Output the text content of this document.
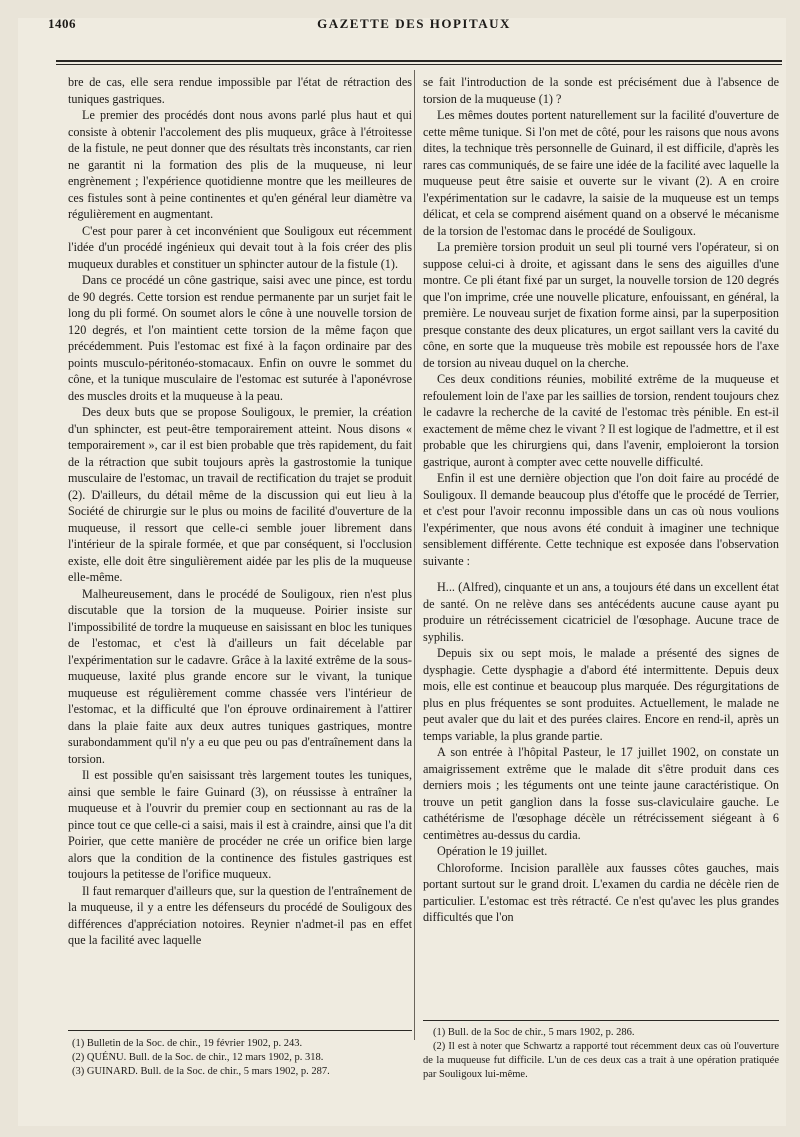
1406	GAZETTE DES HOPITAUX

bre de cas, elle sera rendue impossible par l'état de rétraction des tuniques gastriques.

Le premier des procédés dont nous avons parlé plus haut et qui consiste à obtenir l'accolement des plis muqueux, grâce à l'étroitesse de la fistule, ne peut donner que des résultats très inconstants, car rien ne garantit ni la formation des plis de la muqueuse, ni leur engrènement ; l'expérience quotidienne montre que les meilleures de ces fistules sont à peine continentes et qu'en général leur diamètre va régulièrement en augmentant.

C'est pour parer à cet inconvénient que Souligoux eut récemment l'idée d'un procédé ingénieux qui devait tout à la fois créer des plis muqueux durables et constituer un sphincter autour de la fistule (1).

Dans ce procédé un cône gastrique, saisi avec une pince, est tordu de 90 degrés. Cette torsion est rendue permanente par un surjet fait le long du pli formé. On soumet alors le cône à une nouvelle torsion de 120 degrés, et l'on maintient cette torsion de la même façon que précédemment. Puis l'estomac est fixé à la façon ordinaire par des points musculo-péritonéo-stomacaux. Enfin on ouvre le sommet du cône, et la tunique musculaire de l'estomac est suturée à l'aponévrose des muscles droits et la muqueuse à la peau.

Des deux buts que se propose Souligoux, le premier, la création d'un sphincter, est peut-être temporairement atteint. Nous disons « temporairement », car il est bien probable que très rapidement, du fait de la rétraction que subit toujours après la gastrostomie la tunique musculaire de l'estomac, un travail de rectification du trajet se produit (2). D'ailleurs, du détail même de la discussion qui eut lieu à la Société de chirurgie sur le plus ou moins de facilité d'ouverture de la muqueuse, il ressort que celle-ci semble jouer librement dans l'intérieur de la spirale formée, et que par conséquent, si l'occlusion existe, elle doit être singulièrement aidée par les plis de la muqueuse elle-même.

Malheureusement, dans le procédé de Souligoux, rien n'est plus discutable que la torsion de la muqueuse. Poirier insiste sur l'impossibilité de tordre la muqueuse en saisissant en bloc les tuniques de l'estomac, et c'est là d'ailleurs un fait décelable par l'expérimentation sur le cadavre. Grâce à la laxité extrême de la sous-muqueuse, laxité plus grande encore sur le vivant, la tunique muqueuse est régulièrement comme chassée vers l'intérieur de l'estomac, et la difficulté que l'on éprouve ordinairement à l'attirer dans la plaie faite aux deux autres tuniques gastriques, montre surabondamment qu'il n'y a eu que peu ou pas d'entraînement dans la torsion.

Il est possible qu'en saisissant très largement toutes les tuniques, ainsi que semble le faire Guinard (3), on réussisse à entraîner la muqueuse et à l'ouvrir du premier coup en sectionnant au ras de la pince tout ce que celle-ci a saisi, mais il est à craindre, ainsi que l'a dit Poirier, que cette manière de procéder ne crée un orifice bien large alors que la condition de la continence des fistules gastriques est toujours la petitesse de l'orifice muqueux.

Il faut remarquer d'ailleurs que, sur la question de l'entraînement de la muqueuse, il y a entre les défenseurs du procédé de Souligoux des différences d'appréciation notoires. Reynier n'admet-il pas en effet que la facilité avec laquelle

se fait l'introduction de la sonde est précisément due à l'absence de torsion de la muqueuse (1) ?

Les mêmes doutes portent naturellement sur la facilité d'ouverture de cette même tunique. Si l'on met de côté, pour les raisons que nous avons dites, la technique très personnelle de Guinard, il est difficile, d'après les rares cas communiqués, de se faire une idée de la facilité avec laquelle la muqueuse peut être saisie et ouverte sur le vivant (2). A en croire l'expérimentation sur le cadavre, la saisie de la muqueuse est un temps délicat, et cela se comprend aisément quand on a observé le mécanisme de la torsion de l'estomac dans le procédé de Souligoux.

La première torsion produit un seul pli tourné vers l'opérateur, si on suppose celui-ci à droite, et agissant dans le sens des aiguilles d'une montre. Ce pli étant fixé par un surget, la nouvelle torsion de 120 degrés que l'on imprime, crée une nouvelle plicature, enfouissant, en général, la première. Le nouveau surjet de fixation forme ainsi, par la superposition presque constante des deux plicatures, un ergot saillant vers la cavité du cône, en sorte que la muqueuse très mobile est repoussée hors de l'axe de torsion au niveau duquel on la cherche.

Ces deux conditions réunies, mobilité extrême de la muqueuse et refoulement loin de l'axe par les saillies de torsion, rendent toujours chez le cadavre la recherche de la cavité de l'estomac très pénible. En est-il exactement de même chez le vivant ? Il est logique de l'admettre, et il est probable que les chirurgiens qui, dans l'avenir, emploieront la torsion gastrique, auront à compter avec cette nouvelle difficulté.

Enfin il est une dernière objection que l'on doit faire au procédé de Souligoux. Il demande beaucoup plus d'étoffe que le procédé de Terrier, et c'est pour l'avoir reconnu impossible dans un cas où nous voulions l'expérimenter, que nous avons été conduit à imaginer une technique sensiblement différente. Cette technique est exposée dans l'observation suivante :

H... (Alfred), cinquante et un ans, a toujours été dans un excellent état de santé. On ne relève dans ses antécédents aucune cause ayant pu produire un rétrécissement cicatriciel de l'œsophage. Aucune trace de syphilis.

Depuis six ou sept mois, le malade a présenté des signes de dysphagie. Cette dysphagie a d'abord été intermittente. Depuis deux mois, elle est continue et beaucoup plus marquée. Des régurgitations de plus en plus fréquentes se sont produites. Actuellement, le malade ne peut avaler que du lait et des purées claires. Encore en rend-il, après un temps variable, la plus grande partie.

A son entrée à l'hôpital Pasteur, le 17 juillet 1902, on constate un amaigrissement extrême que le malade dit s'être produit dans ces derniers mois ; les téguments ont une teinte jaune caractéristique. On trouve un petit ganglion dans la fosse sus-claviculaire gauche. Le cathétérisme de l'œsophage décèle un rétrécissement siégeant à 6 centimètres au-dessus du cardia.

Opération le 19 juillet.

Chloroforme. Incision parallèle aux fausses côtes gauches, mais portant surtout sur le grand droit. L'examen du cardia ne décèle rien de particulier. L'estomac est très rétracté. Ce n'est qu'avec les plus grandes difficultés que l'on

(1) Bulletin de la Soc. de chir., 19 février 1902, p. 243.

(2) QUÉNU. Bull. de la Soc. de chir., 12 mars 1902, p. 318.

(3) GUINARD. Bull. de la Soc. de chir., 5 mars 1902, p. 287.

(1) Bull. de la Soc de chir., 5 mars 1902, p. 286.

(2) Il est à noter que Schwartz a rapporté tout récemment deux cas où l'ouverture de la muqueuse fut difficile. L'un de ces deux cas a trait à une opération pratiquée par Souligoux lui-même.
